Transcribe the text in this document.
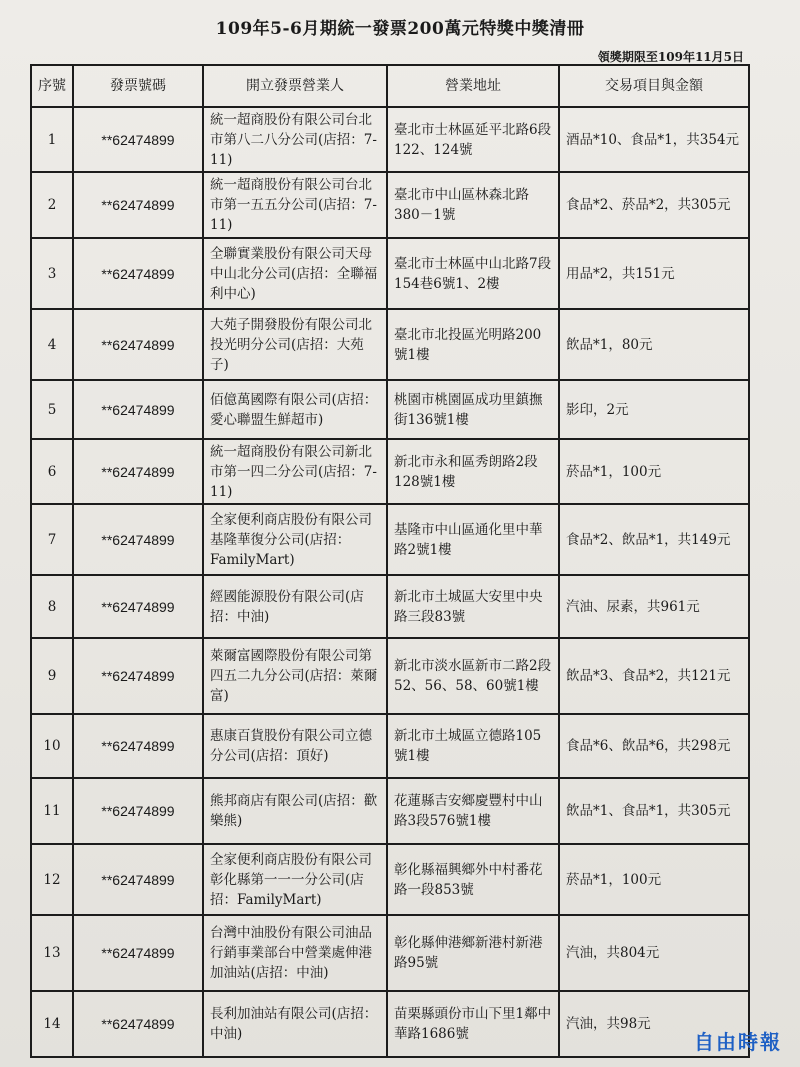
109年5-6月期統一發票200萬元特獎中獎清冊
領獎期限至109年11月5日
序號	發票號碼	開立發票營業人	營業地址	交易項目與金額
1	**62474899	統一超商股份有限公司台北市第八二八分公司(店招：7-11)	臺北市士林區延平北路6段122、124號	酒品*10、食品*1，共354元
2	**62474899	統一超商股份有限公司台北市第一五五分公司(店招：7-11)	臺北市中山區林森北路380－1號	食品*2、菸品*2，共305元
3	**62474899	全聯實業股份有限公司天母中山北分公司(店招：全聯福利中心)	臺北市士林區中山北路7段154巷6號1、2樓	用品*2，共151元
4	**62474899	大苑子開發股份有限公司北投光明分公司(店招：大苑子)	臺北市北投區光明路200號1樓	飲品*1，80元
5	**62474899	佰億萬國際有限公司(店招：愛心聯盟生鮮超市)	桃園市桃園區成功里鎮撫街136號1樓	影印，2元
6	**62474899	統一超商股份有限公司新北市第一四二分公司(店招：7-11)	新北市永和區秀朗路2段128號1樓	菸品*1，100元
7	**62474899	全家便利商店股份有限公司基隆華復分公司(店招：FamilyMart)	基隆市中山區通化里中華路2號1樓	食品*2、飲品*1，共149元
8	**62474899	經國能源股份有限公司(店招：中油)	新北市土城區大安里中央路三段83號	汽油、尿素，共961元
9	**62474899	萊爾富國際股份有限公司第四五二九分公司(店招：萊爾富)	新北市淡水區新市二路2段52、56、58、60號1樓	飲品*3、食品*2，共121元
10	**62474899	惠康百貨股份有限公司立德分公司(店招：頂好)	新北市土城區立德路105號1樓	食品*6、飲品*6，共298元
11	**62474899	熊邦商店有限公司(店招：歡樂熊)	花蓮縣吉安鄉慶豐村中山路3段576號1樓	飲品*1、食品*1，共305元
12	**62474899	全家便利商店股份有限公司彰化縣第一一一分公司(店招：FamilyMart)	彰化縣福興鄉外中村番花路一段853號	菸品*1，100元
13	**62474899	台灣中油股份有限公司油品行銷事業部台中營業處伸港加油站(店招：中油)	彰化縣伸港鄉新港村新港路95號	汽油，共804元
14	**62474899	長利加油站有限公司(店招：中油)	苗栗縣頭份市山下里1鄰中華路1686號	汽油，共98元
自由時報
